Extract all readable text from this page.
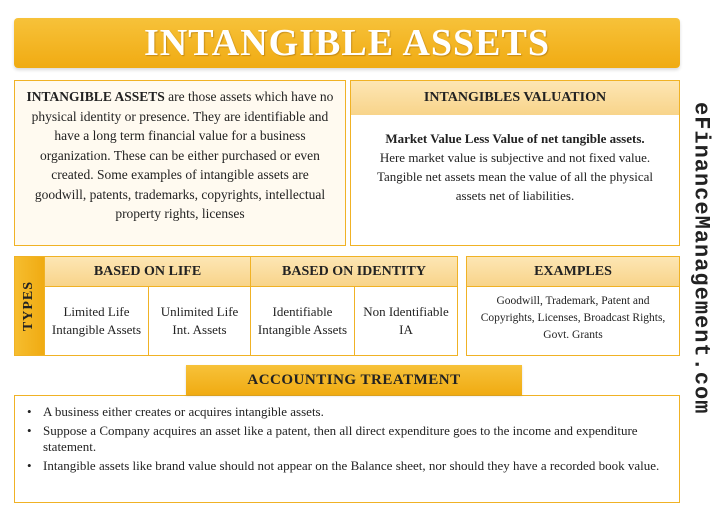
INTANGIBLE ASSETS
eFinanceManagement.com

INTANGIBLE ASSETS are those assets which have no physical identity or presence. They are identifiable and have a long term financial value for a business organization. These can be either purchased or even created. Some examples of intangible assets are goodwill, patents, trademarks, copyrights, intellectual property rights, licenses

INTANGIBLES VALUATION
Market Value Less Value of net tangible assets.
Here market value is subjective and not fixed value. Tangible net assets mean the value of all the physical assets net of liabilities.
TYPES
BASED ON LIFE	BASED ON IDENTITY
Limited Life Intangible Assets
Unlimited Life Int. Assets
Identifiable Intangible Assets
Non Identifiable IA
EXAMPLES
Goodwill, Trademark, Patent and Copyrights, Licenses, Broadcast Rights, Govt. Grants
• A business either creates or acquires intangible assets.
• Suppose a Company acquires an asset like a patent, then all direct expenditure goes to the income and expenditure statement.
• Intangible assets like brand value should not appear on the Balance sheet, nor should they have a recorded book value.
ACCOUNTING TREATMENT
